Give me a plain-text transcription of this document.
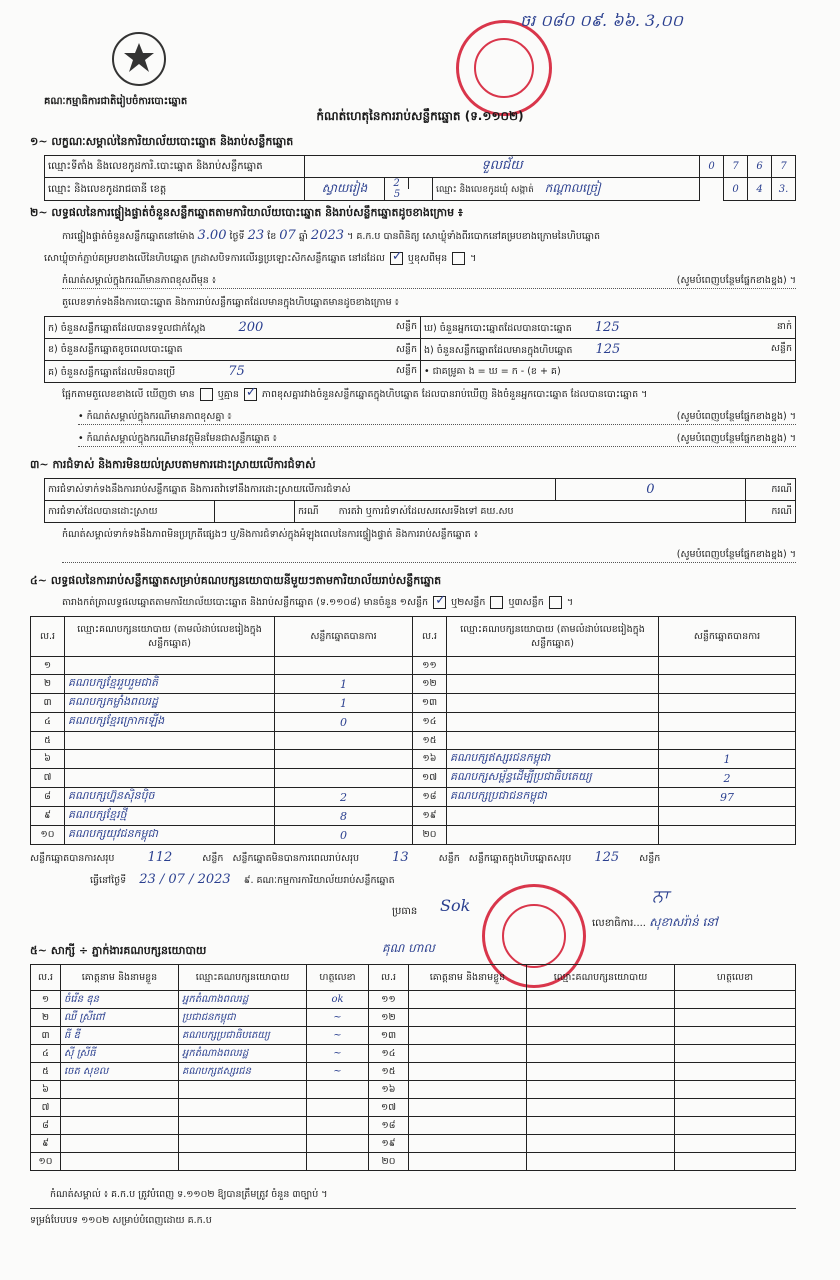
គណៈកម្មាធិការជាតិរៀបចំការបោះឆ្នោត
ចរ ០៨០ ០៩. ៦៦. 3,០០
កំណត់ហេតុនៃការរាប់សន្លឹកឆ្នោត (ទ.១១០២)
១~ លក្ខណៈសម្គាល់នៃការិយាល័យបោះឆ្នោត និងរាប់សន្លឹកឆ្នោត
ឈ្មោះទីតាំង និងលេខកូដការិ.បោះឆ្នោត និងរាប់សន្លឹកឆ្នោត	ទួលជ័យ			0	7	6	7
ឈ្មោះ និងលេខកូដរាជធានី ខេត្ត	ស្វាយរៀង	25	ឈ្មោះ និងលេខកូដឃុំ សង្កាត់ កណ្ដាលច្រៀ		0	4	3.
២~ លទ្ធផលនៃការផ្ទៀងផ្ទាត់ចំនួនសន្លឹកឆ្នោតតាមការិយាល័យបោះឆ្នោត និងរាប់សន្លឹកឆ្នោតដូចខាងក្រោម ៖
ការផ្ទៀងផ្ទាត់ចំនួនសន្លឹកឆ្នោតនៅម៉ោង 3.00 ថ្ងៃទី 23 ខែ 07 ឆ្នាំ 2023 ។ គ.ក.ប បានពិនិត្យ សោឃ្លុំទាំងពីរបោកនៅគម្របខាងក្រោមនៃហិបឆ្នោត
សោឃ្លុំចាក់ភ្ជាប់គម្របខាងលើនៃហិបឆ្នោត ក្រដាសបិទការលើរន្ធប្រឡោះសិកសន្លឹកឆ្នោត នៅដដែល ✓ ឬខុសពីមុន  ។
កំណត់សម្គាល់ក្នុងករណីមានភាពខុសពីមុន ៖	(សូមបំពេញបន្ថែមផ្នែកខាងខ្នង) ។
តួលេខទាក់ទងនឹងការបោះឆ្នោត និងការរាប់សន្លឹកឆ្នោតដែលមានក្នុងហិបឆ្នោតមានដូចខាងក្រោម ៖
ក) ចំនួនសន្លឹកឆ្នោតដែលបានទទួលជាក់ស្ដែង 200 សន្លឹក	ឃ) ចំនួនអ្នកបោះឆ្នោតដែលបានបោះឆ្នោត 125 នាក់

ខ) ចំនួនសន្លឹកឆ្នោតខូចពេលបោះឆ្នោត សន្លឹក	ង) ចំនួនសន្លឹកឆ្នោតដែលមានក្នុងហិបឆ្នោត 125 សន្លឹក

គ) ចំនួនសន្លឹកឆ្នោតដែលមិនបានប្រើ 75 សន្លឹក	• ជាគម្រូគា ង = ឃ = ក - (ខ + គ)
ផ្អែកតាមតួលេខខាងលើ ឃើញថា មាន ឬគ្មាន ✓ ភាពខុសគ្នារវាងចំនួនសន្លឹកឆ្នោតក្នុងហិបឆ្នោត ដែលបានរាប់ឃើញ និងចំនួនអ្នកបោះឆ្នោត ដែលបានបោះឆ្នោត ។
• កំណត់សម្គាល់ក្នុងករណីមានភាពខុសគ្នា ៖	(សូមបំពេញបន្ថែមផ្នែកខាងខ្នង) ។
• កំណត់សម្គាល់ក្នុងករណីមានវត្ថុមិនមែនជាសន្លឹកឆ្នោត ៖	(សូមបំពេញបន្ថែមផ្នែកខាងខ្នង) ។
៣~ ការជំទាស់ និងការមិនយល់ស្របតាមការដោះស្រាយលើការជំទាស់
ការជំទាស់ទាក់ទងនឹងការរាប់សន្លឹកឆ្នោត និងការតវ៉ាទៅនឹងការដោះស្រាយលើការជំទាស់			0	ករណី
ការជំទាស់ដែលបានដោះស្រាយ		ករណី ការតវ៉ា ឬការជំទាស់ដែលសរសេរទីងទៅ គឃ.សប		ករណី
កំណត់សម្គាល់ទាក់ទងនឹងភាពមិនប្រក្រតីផ្សេងៗ ឬ/និងការជំទាស់ក្នុងអំឡុងពេលនៃការផ្ទៀងផ្ទាត់ និងការរាប់សន្លឹកឆ្នោត ៖
(សូមបំពេញបន្ថែមផ្នែកខាងខ្នង) ។
៤~ លទ្ធផលនៃការរាប់សន្លឹកឆ្នោតសម្រាប់គណបក្សនយោបាយនីមួយៗតាមការិយាល័យរាប់សន្លឹកឆ្នោត
តារាងកត់ត្រាលទ្ធផលឆ្នោតតាមការិយាល័យបោះឆ្នោត និងរាប់សន្លឹកឆ្នោត (ទ.១១០៨) មានចំនួន ១សន្លឹក ✓ ឬ២សន្លឹក ឬ៣សន្លឹក  ។
ល.រ	ឈ្មោះគណបក្សនយោបាយ (តាមលំដាប់លេខរៀងក្នុងសន្លឹកឆ្នោត)	សន្លឹកឆ្នោតបានការ	ល.រ	ឈ្មោះគណបក្សនយោបាយ (តាមលំដាប់លេខរៀងក្នុងសន្លឹកឆ្នោត)	សន្លឹកឆ្នោតបានការ
១			១១		
២	គណបក្សខ្មែររួបរួមជាតិ	1	១២		
៣	គណបក្សកម្លាំងពលរដ្ឋ	1	១៣		
៤	គណបក្សខ្មែរក្រោកឡើង	0	១៤		
៥			១៥		
៦			១៦	គណបក្សឥស្សរជនកម្ពុជា	1
៧			១៧	គណបក្សសម្ព័ន្ធដើម្បីប្រជាធិបតេយ្យ	2
៨	គណបក្សហ្វ៊ុនស៊ិនប៉ិច	2	១៨	គណបក្សប្រជាជនកម្ពុជា	97
៩	គណបក្សខ្មែរថ្មី	8	១៩		
១០	គណបក្សយុវជនកម្ពុជា	0	២០		
សន្លឹកឆ្នោតបានការសរុប	112	សន្លឹក សន្លឹកឆ្នោតមិនបានការពេលរាប់សរុប	13	សន្លឹក សន្លឹកឆ្នោតក្នុងហិបឆ្នោតសរុប 125 សន្លឹក
ធ្វើនៅថ្ងៃទី 23 / 07 / 2023 ៩. គណៈកម្មការការិយាល័យរាប់សន្លឹកឆ្នោត
ប្រធាន Sok	ਨਾ
លេខាធិការ.... សុខាសរ៉ាន់ នៅ
គុណ ហាល
៥~ សាក្សី ÷ ភ្នាក់ងារគណបក្សនយោបាយ
ល.រ	គោត្តនាម និងនាមខ្លួន	ឈ្មោះគណបក្សនយោបាយ	ហត្ថលេខា	ល.រ	គោត្តនាម និងនាមខ្លួន	ឈ្មោះគណបក្សនយោបាយ	ហត្ថលេខា
១	ចំរើន ឌុន	អ្នកតំណាងពលរដ្ឋ	ok	១១			
២	ឈឺ ស្រីពៅ	ប្រជាជនកម្ពុជា	~	១២			
៣	ធី ឌី	គណបក្សប្រជាធិបតេយ្យ	~	១៣			
៤	ស៊ី ស្រីធី	អ្នកតំណាងពលរដ្ឋ	~	១៤			
៥	ចេត សុខល	គណបក្សឥស្សរជន	~	១៥			
៦				១៦			
៧				១៧			
៨				១៨			
៩				១៩			
១០				២០			
កំណត់សម្គាល់ ៖ គ.ក.ប ត្រូវបំពេញ ទ.១១០២ ឱ្យបានត្រឹមត្រូវ ចំនួន ៣ច្បាប់ ។
ទម្រង់បែបបទ ១១០២ សម្រាប់បំពេញដោយ គ.ក.ប
